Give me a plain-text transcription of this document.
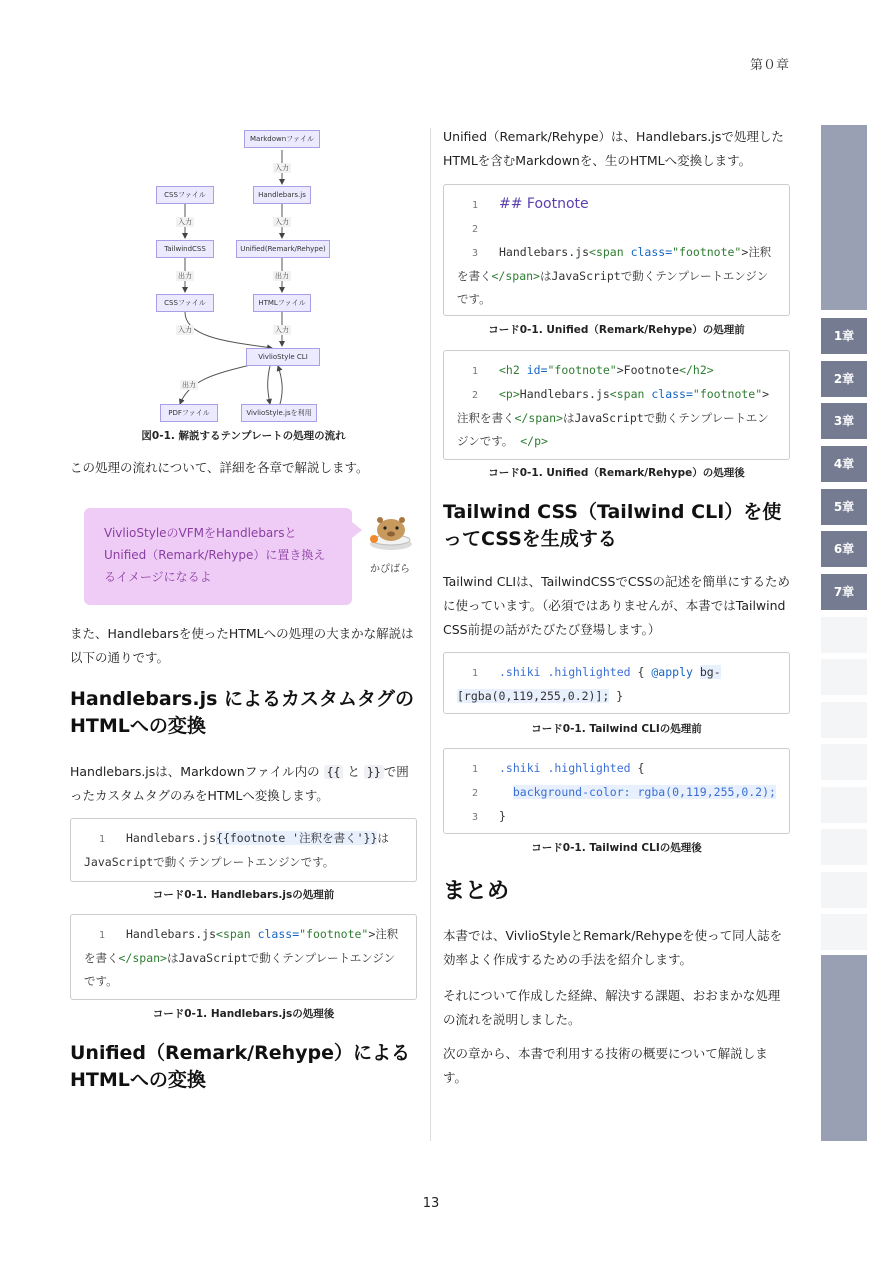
第０章
Markdownファイル
入力
CSSファイル	Handlebars.js
入力	入力
TailwindCSS	Unified(Remark/Rehype)
出力	出力
CSSファイル	HTMLファイル
入力	入力
VivlioStyle CLI
出力
PDFファイル	VivlioStyle.jsを利用
図0-1. 解説するテンプレートの処理の流れ

この処理の流れについて、詳細を各章で解説します。

VivlioStyleのVFMをHandlebarsとUnified（Remark/Rehype）に置き換えるイメージになるよ
かぴばら

また、Handlebarsを使ったHTMLへの処理の大まかな解説は以下の通りです。

Handlebars.js によるカスタムタグのHTMLへの変換

Handlebars.jsは、Markdownファイル内の {{ と }} で囲ったカスタムタグのみをHTMLへ変換します。

1 Handlebars.js{{footnote '注釈を書く'}}はJavaScriptで動くテンプレートエンジンです。
コード0-1. Handlebars.jsの処理前
1 Handlebars.js<span class="footnote">注釈を書く</span>はJavaScriptで動くテンプレートエンジンです。
コード0-1. Handlebars.jsの処理後
Unified（Remark/Rehype）によるHTMLへの変換

Unified（Remark/Rehype）は、Handlebars.jsで処理したHTMLを含むMarkdownを、生のHTMLへ変換します。

1 ## Footnote
2
3 Handlebars.js<span class="footnote">注釈を書く</span>はJavaScriptで動くテンプレートエンジンです。
コード0-1. Unified（Remark/Rehype）の処理前
1 <h2 id="footnote">Footnote</h2>
2 <p>Handlebars.js<span class="footnote">注釈を書く</span>はJavaScriptで動くテンプレートエンジンです。 </p>
コード0-1. Unified（Remark/Rehype）の処理後
Tailwind CSS（Tailwind CLI）を使ってCSSを生成する

Tailwind CLIは、TailwindCSSでCSSの記述を簡単にするために使っています。（必須ではありませんが、本書ではTailwind CSS前提の話がたびたび登場します。）

1 .shiki .highlighted { @apply bg-[rgba(0,119,255,0.2)]; }
コード0-1. Tailwind CLIの処理前
1 .shiki .highlighted {
2	background-color: rgba(0,119,255,0.2);
3 }
コード0-1. Tailwind CLIの処理後
まとめ

本書では、VivlioStyleとRemark/Rehypeを使って同人誌を効率よく作成するための手法を紹介します。

それについて作成した経緯、解決する課題、おおまかな処理の流れを説明しました。

次の章から、本書で利用する技術の概要について解説します。

1章
2章
3章
4章
5章
6章
7章
13
